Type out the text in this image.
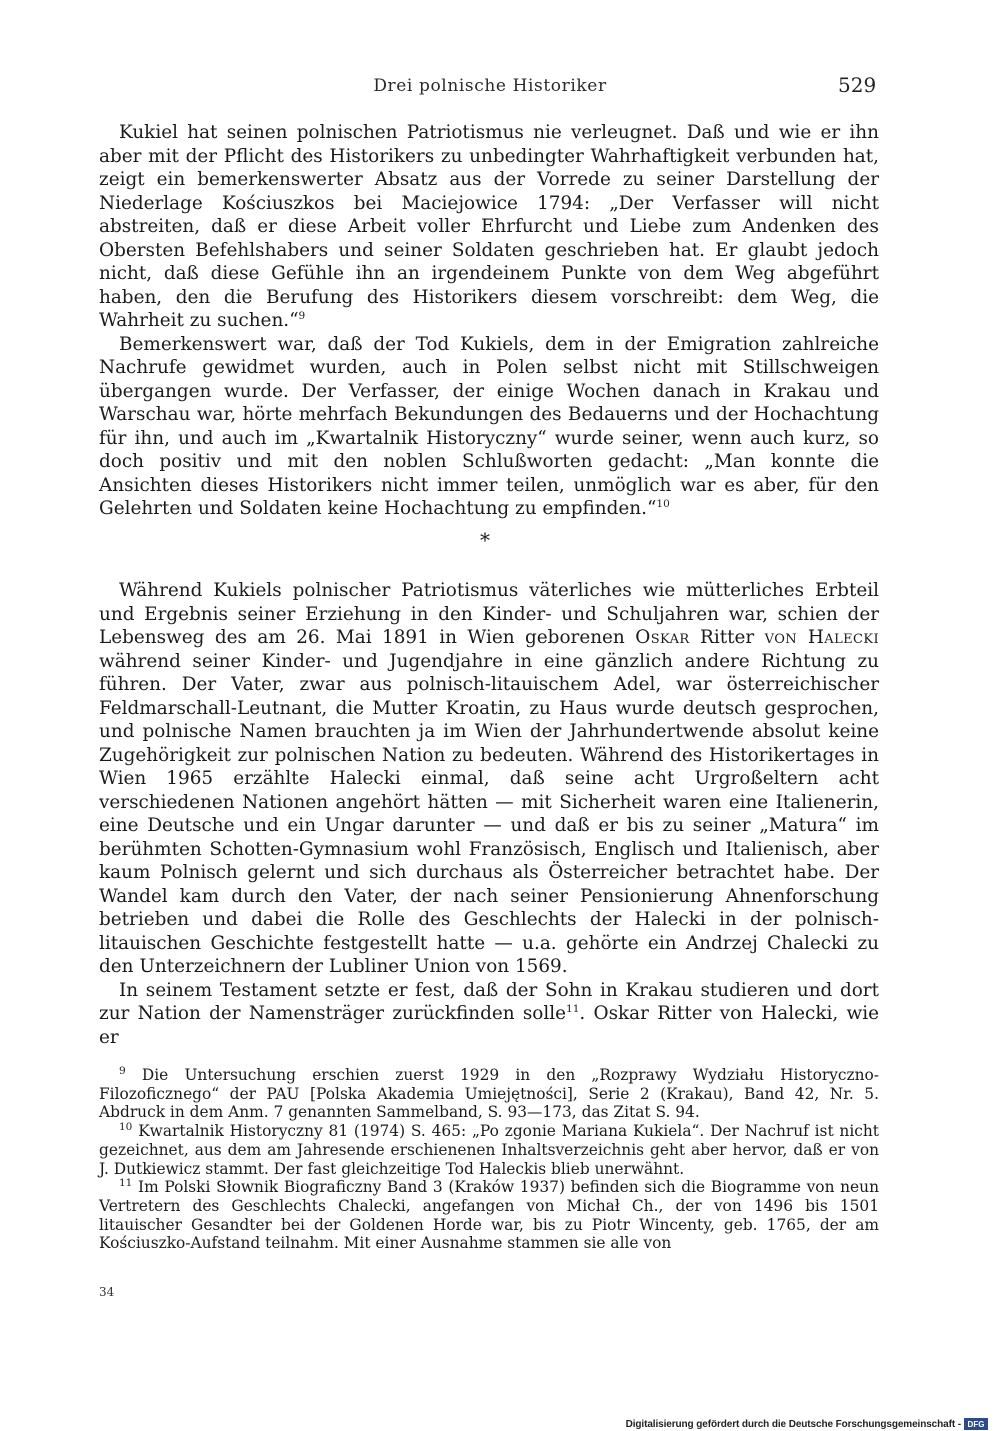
Drei polnische Historiker	529

Kukiel hat seinen polnischen Patriotismus nie verleugnet. Daß und wie er ihn aber mit der Pflicht des Historikers zu unbedingter Wahrhaftigkeit verbunden hat, zeigt ein bemerkenswerter Absatz aus der Vorrede zu seiner Darstellung der Niederlage Kościuszkos bei Maciejowice 1794: „Der Verfasser will nicht abstreiten, daß er diese Arbeit voller Ehrfurcht und Liebe zum Andenken des Obersten Befehlshabers und seiner Soldaten geschrieben hat. Er glaubt jedoch nicht, daß diese Gefühle ihn an irgendeinem Punkte von dem Weg abgeführt haben, den die Berufung des Historikers diesem vorschreibt: dem Weg, die Wahrheit zu suchen.“$^9$

Bemerkenswert war, daß der Tod Kukiels, dem in der Emigration zahlreiche Nachrufe gewidmet wurden, auch in Polen selbst nicht mit Stillschweigen übergangen wurde. Der Verfasser, der einige Wochen danach in Krakau und Warschau war, hörte mehrfach Bekundungen des Bedauerns und der Hochachtung für ihn, und auch im „Kwartalnik Historyczny“ wurde seiner, wenn auch kurz, so doch positiv und mit den noblen Schlußworten gedacht: „Man konnte die Ansichten dieses Historikers nicht immer teilen, unmöglich war es aber, für den Gelehrten und Soldaten keine Hochachtung zu empfinden.“$^{10}$

*

Während Kukiels polnischer Patriotismus väterliches wie mütterliches Erbteil und Ergebnis seiner Erziehung in den Kinder- und Schuljahren war, schien der Lebensweg des am 26. Mai 1891 in Wien geborenen Oskar Ritter von Halecki während seiner Kinder- und Jugendjahre in eine gänzlich andere Richtung zu führen. Der Vater, zwar aus polnisch-litauischem Adel, war österreichischer Feldmarschall-Leutnant, die Mutter Kroatin, zu Haus wurde deutsch gesprochen, und polnische Namen brauchten ja im Wien der Jahrhundertwende absolut keine Zugehörigkeit zur polnischen Nation zu bedeuten. Während des Historikertages in Wien 1965 erzählte Halecki einmal, daß seine acht Urgroßeltern acht verschiedenen Nationen angehört hätten — mit Sicherheit waren eine Italienerin, eine Deutsche und ein Ungar darunter — und daß er bis zu seiner „Matura“ im berühmten Schotten-Gymnasium wohl Französisch, Englisch und Italienisch, aber kaum Polnisch gelernt und sich durchaus als Österreicher betrachtet habe. Der Wandel kam durch den Vater, der nach seiner Pensionierung Ahnenforschung betrieben und dabei die Rolle des Geschlechts der Halecki in der polnisch-litauischen Geschichte festgestellt hatte — u.a. gehörte ein Andrzej Chalecki zu den Unterzeichnern der Lubliner Union von 1569.

In seinem Testament setzte er fest, daß der Sohn in Krakau studieren und dort zur Nation der Namensträger zurückfinden solle$^{11}$. Oskar Ritter von Halecki, wie er

$^9$ Die Untersuchung erschien zuerst 1929 in den „Rozprawy Wydziału Historyczno-Filozoficznego“ der PAU [Polska Akademia Umiejętności], Serie 2 (Krakau), Band 42, Nr. 5. Abdruck in dem Anm. 7 genannten Sammelband, S. 93—173, das Zitat S. 94.

$^{10}$ Kwartalnik Historyczny 81 (1974) S. 465: „Po zgonie Mariana Kukiela“. Der Nachruf ist nicht gezeichnet, aus dem am Jahresende erschienenen Inhaltsverzeichnis geht aber hervor, daß er von J. Dutkiewicz stammt. Der fast gleichzeitige Tod Haleckis blieb unerwähnt.

$^{11}$ Im Polski Słownik Biograficzny Band 3 (Kraków 1937) befinden sich die Biogramme von neun Vertretern des Geschlechts Chalecki, angefangen von Michał Ch., der von 1496 bis 1501 litauischer Gesandter bei der Goldenen Horde war, bis zu Piotr Wincenty, geb. 1765, der am Kościuszko-Aufstand teilnahm. Mit einer Ausnahme stammen sie alle von

34
Digitalisierung gefördert durch die Deutsche Forschungsgemeinschaft - DFG
